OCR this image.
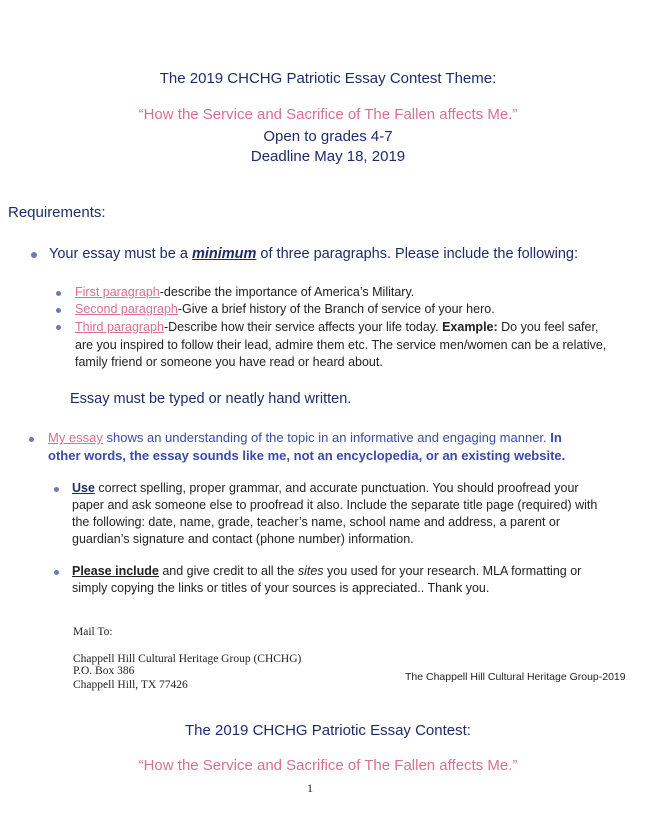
The 2019 CHCHG Patriotic Essay Contest Theme:
“How the Service and Sacrifice of The Fallen affects Me.”
Open to grades 4-7
Deadline May 18, 2019
Requirements:
Your essay must be a minimum of three paragraphs. Please include the following:
First paragraph-describe the importance of America’s Military.
Second paragraph-Give a brief history of the Branch of service of your hero.
Third paragraph-Describe how their service affects your life today. Example: Do you feel safer,
are you inspired to follow their lead, admire them etc. The service men/women can be a relative,
family friend or someone you have read or heard about.
Essay must be typed or neatly hand written.
My essay shows an understanding of the topic in an informative and engaging manner. In
other words, the essay sounds like me, not an encyclopedia, or an existing website.
Use correct spelling, proper grammar, and accurate punctuation. You should proofread your
paper and ask someone else to proofread it also. Include the separate title page (required) with
the following: date, name, grade, teacher’s name, school name and address, a parent or
guardian’s signature and contact (phone number) information.
Please include and give credit to all the sites you used for your research. MLA formatting or
simply copying the links or titles of your sources is appreciated.. Thank you.
Mail To:
Chappell Hill Cultural Heritage Group (CHCHG)
P.O. Box 386
Chappell Hill, TX 77426
The Chappell Hill Cultural Heritage Group-2019
The 2019 CHCHG Patriotic Essay Contest:
“How the Service and Sacrifice of The Fallen affects Me.”
1
